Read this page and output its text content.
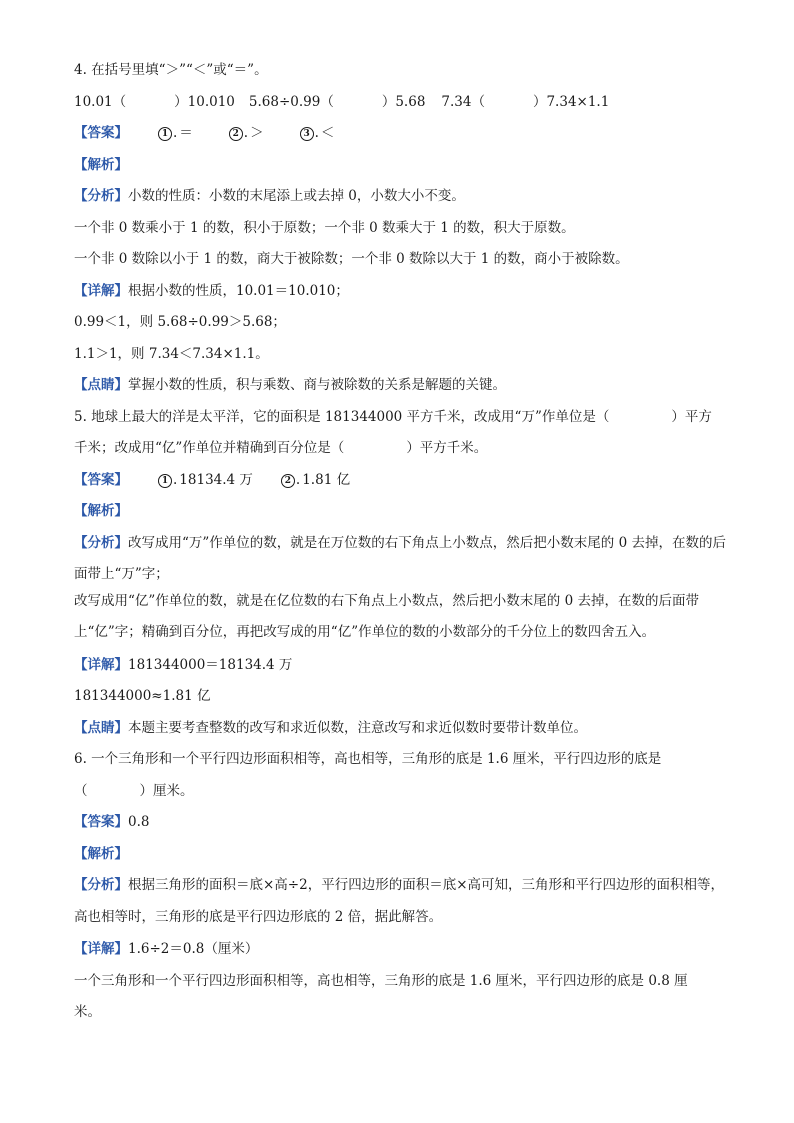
4. 在括号里填“＞”“＜”或“＝”。
10.01（	）10.010 5.68÷0.99（	）5.68 7.34（	）7.34×1.1
【答案】	1 . ＝	2 . ＞	3 . ＜
【解析】
【分析】小数的性质：小数的末尾添上或去掉 0，小数大小不变。
一个非 0 数乘小于 1 的数，积小于原数；一个非 0 数乘大于 1 的数，积大于原数。
一个非 0 数除以小于 1 的数，商大于被除数；一个非 0 数除以大于 1 的数，商小于被除数。
【详解】根据小数的性质，10.01＝10.010；
0.99＜1，则 5.68÷0.99＞5.68；
1.1＞1，则 7.34＜7.34×1.1。
【点睛】掌握小数的性质，积与乘数、商与被除数的关系是解题的关键。
5. 地球上最大的洋是太平洋，它的面积是 181344000 平方千米，改成用“万”作单位是（	）平方
千米；改成用“亿”作单位并精确到百分位是（	）平方千米。
【答案】	1 . 18134.4 万	2 . 1.81 亿
【解析】
【分析】改写成用“万”作单位的数，就是在万位数的右下角点上小数点，然后把小数末尾的 0 去掉，在数的后面带上“万”字；
改写成用“亿”作单位的数，就是在亿位数的右下角点上小数点，然后把小数末尾的 0 去掉，在数的后面带上“亿”字；精确到百分位，再把改写成的用“亿”作单位的数的小数部分的千分位上的数四舍五入。
【详解】181344000＝18134.4 万
181344000≈1.81 亿
【点睛】本题主要考查整数的改写和求近似数，注意改写和求近似数时要带计数单位。
6. 一个三角形和一个平行四边形面积相等，高也相等，三角形的底是 1.6 厘米，平行四边形的底是
（	）厘米。
【答案】0.8
【解析】
【分析】根据三角形的面积＝底×高÷2，平行四边形的面积＝底×高可知，三角形和平行四边形的面积相等，高也相等时，三角形的底是平行四边形底的 2 倍，据此解答。
【详解】1.6÷2＝0.8（厘米）
一个三角形和一个平行四边形面积相等，高也相等，三角形的底是 1.6 厘米，平行四边形的底是 0.8 厘米。
